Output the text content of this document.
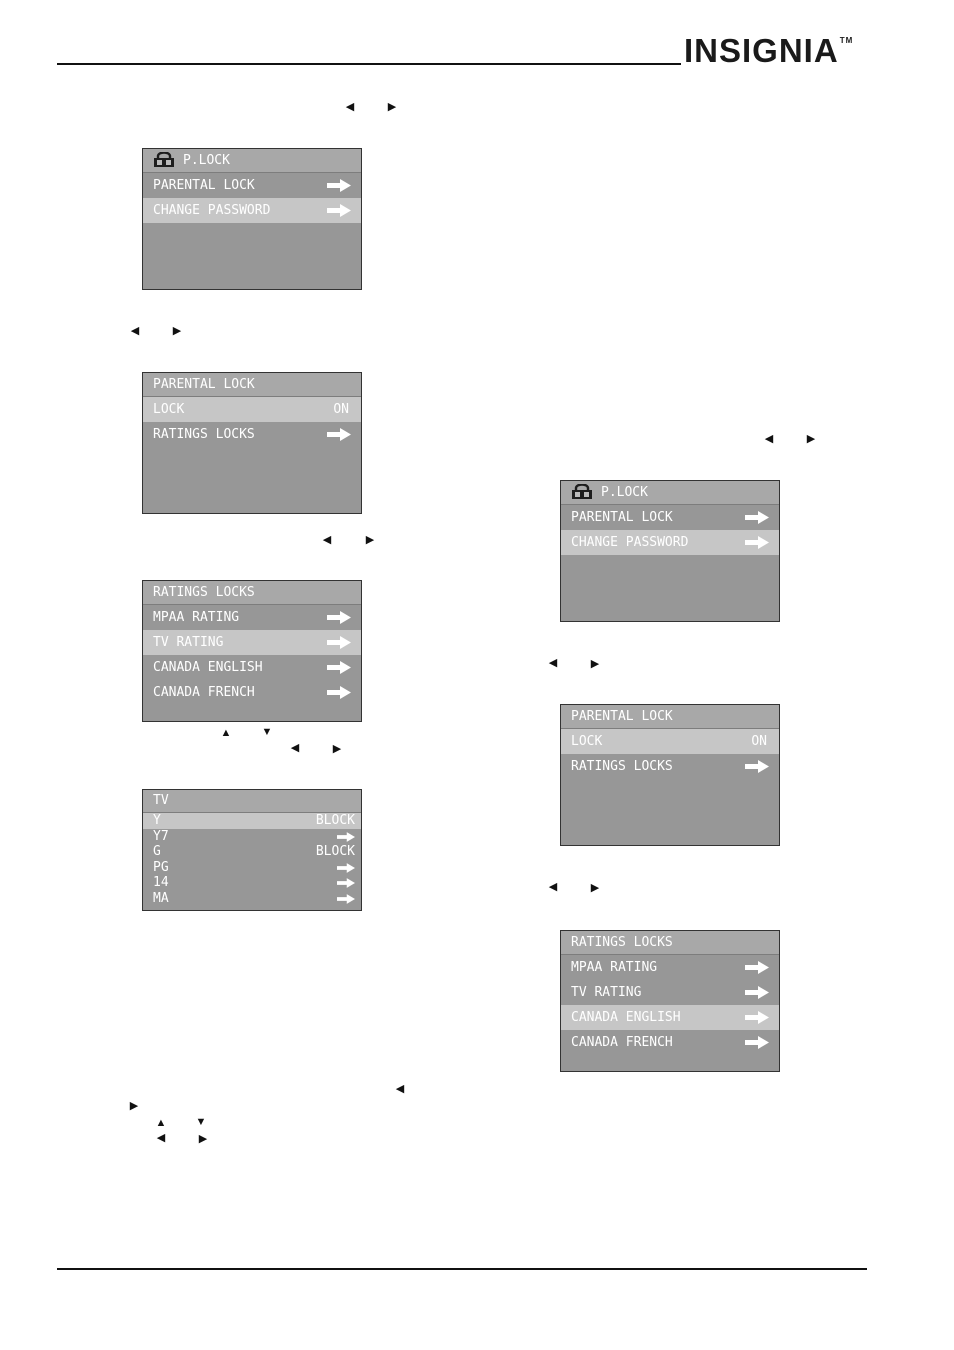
INSIGNIA™
◀	▶
◀	▶
◀	▶
▲	▼
◀	▶
◀
▶
▲	▼
◀	▶
◀	▶
◀	▶
◀	▶
P.LOCK
PARENTAL LOCK
CHANGE PASSWORD
PARENTAL LOCK
LOCK	ON
RATINGS LOCKS
RATINGS LOCKS
MPAA RATING
TV RATING
CANADA ENGLISH
CANADA FRENCH
TV
Y	BLOCK
Y7
G	BLOCK
PG
14
MA
P.LOCK
PARENTAL LOCK
CHANGE PASSWORD
PARENTAL LOCK
LOCK	ON
RATINGS LOCKS
RATINGS LOCKS
MPAA RATING
TV RATING
CANADA ENGLISH
CANADA FRENCH
